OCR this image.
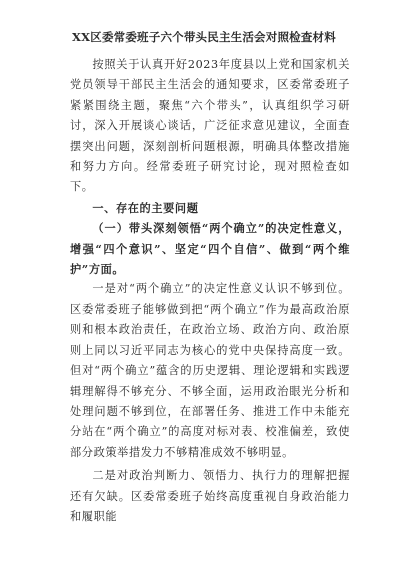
XX区委常委班子六个带头民主生活会对照检查材料

按照关于认真开好2023年度县以上党和国家机关党员领导干部民主生活会的通知要求，区委常委班子紧紧围绕主题，聚焦“六个带头”，认真组织学习研讨，深入开展谈心谈话，广泛征求意见建议，全面查摆突出问题，深刻剖析问题根源，明确具体整改措施和努力方向。经常委班子研究讨论，现对照检查如下。

一、存在的主要问题
（一）带头深刻领悟“两个确立”的决定性意义，增强“四个意识”、坚定“四个自信”、做到“两个维护”方面。

一是对“两个确立”的决定性意义认识不够到位。区委常委班子能够做到把“两个确立”作为最高政治原则和根本政治责任，在政治立场、政治方向、政治原则上同以习近平同志为核心的党中央保持高度一致。但对“两个确立”蕴含的历史逻辑、理论逻辑和实践逻辑理解得不够充分、不够全面，运用政治眼光分析和处理问题不够到位，在部署任务、推进工作中未能充分站在“两个确立”的高度对标对表、校准偏差，致使部分政策举措发力不够精准成效不够明显。

二是对政治判断力、领悟力、执行力的理解把握还有欠缺。区委常委班子始终高度重视自身政治能力和履职能
